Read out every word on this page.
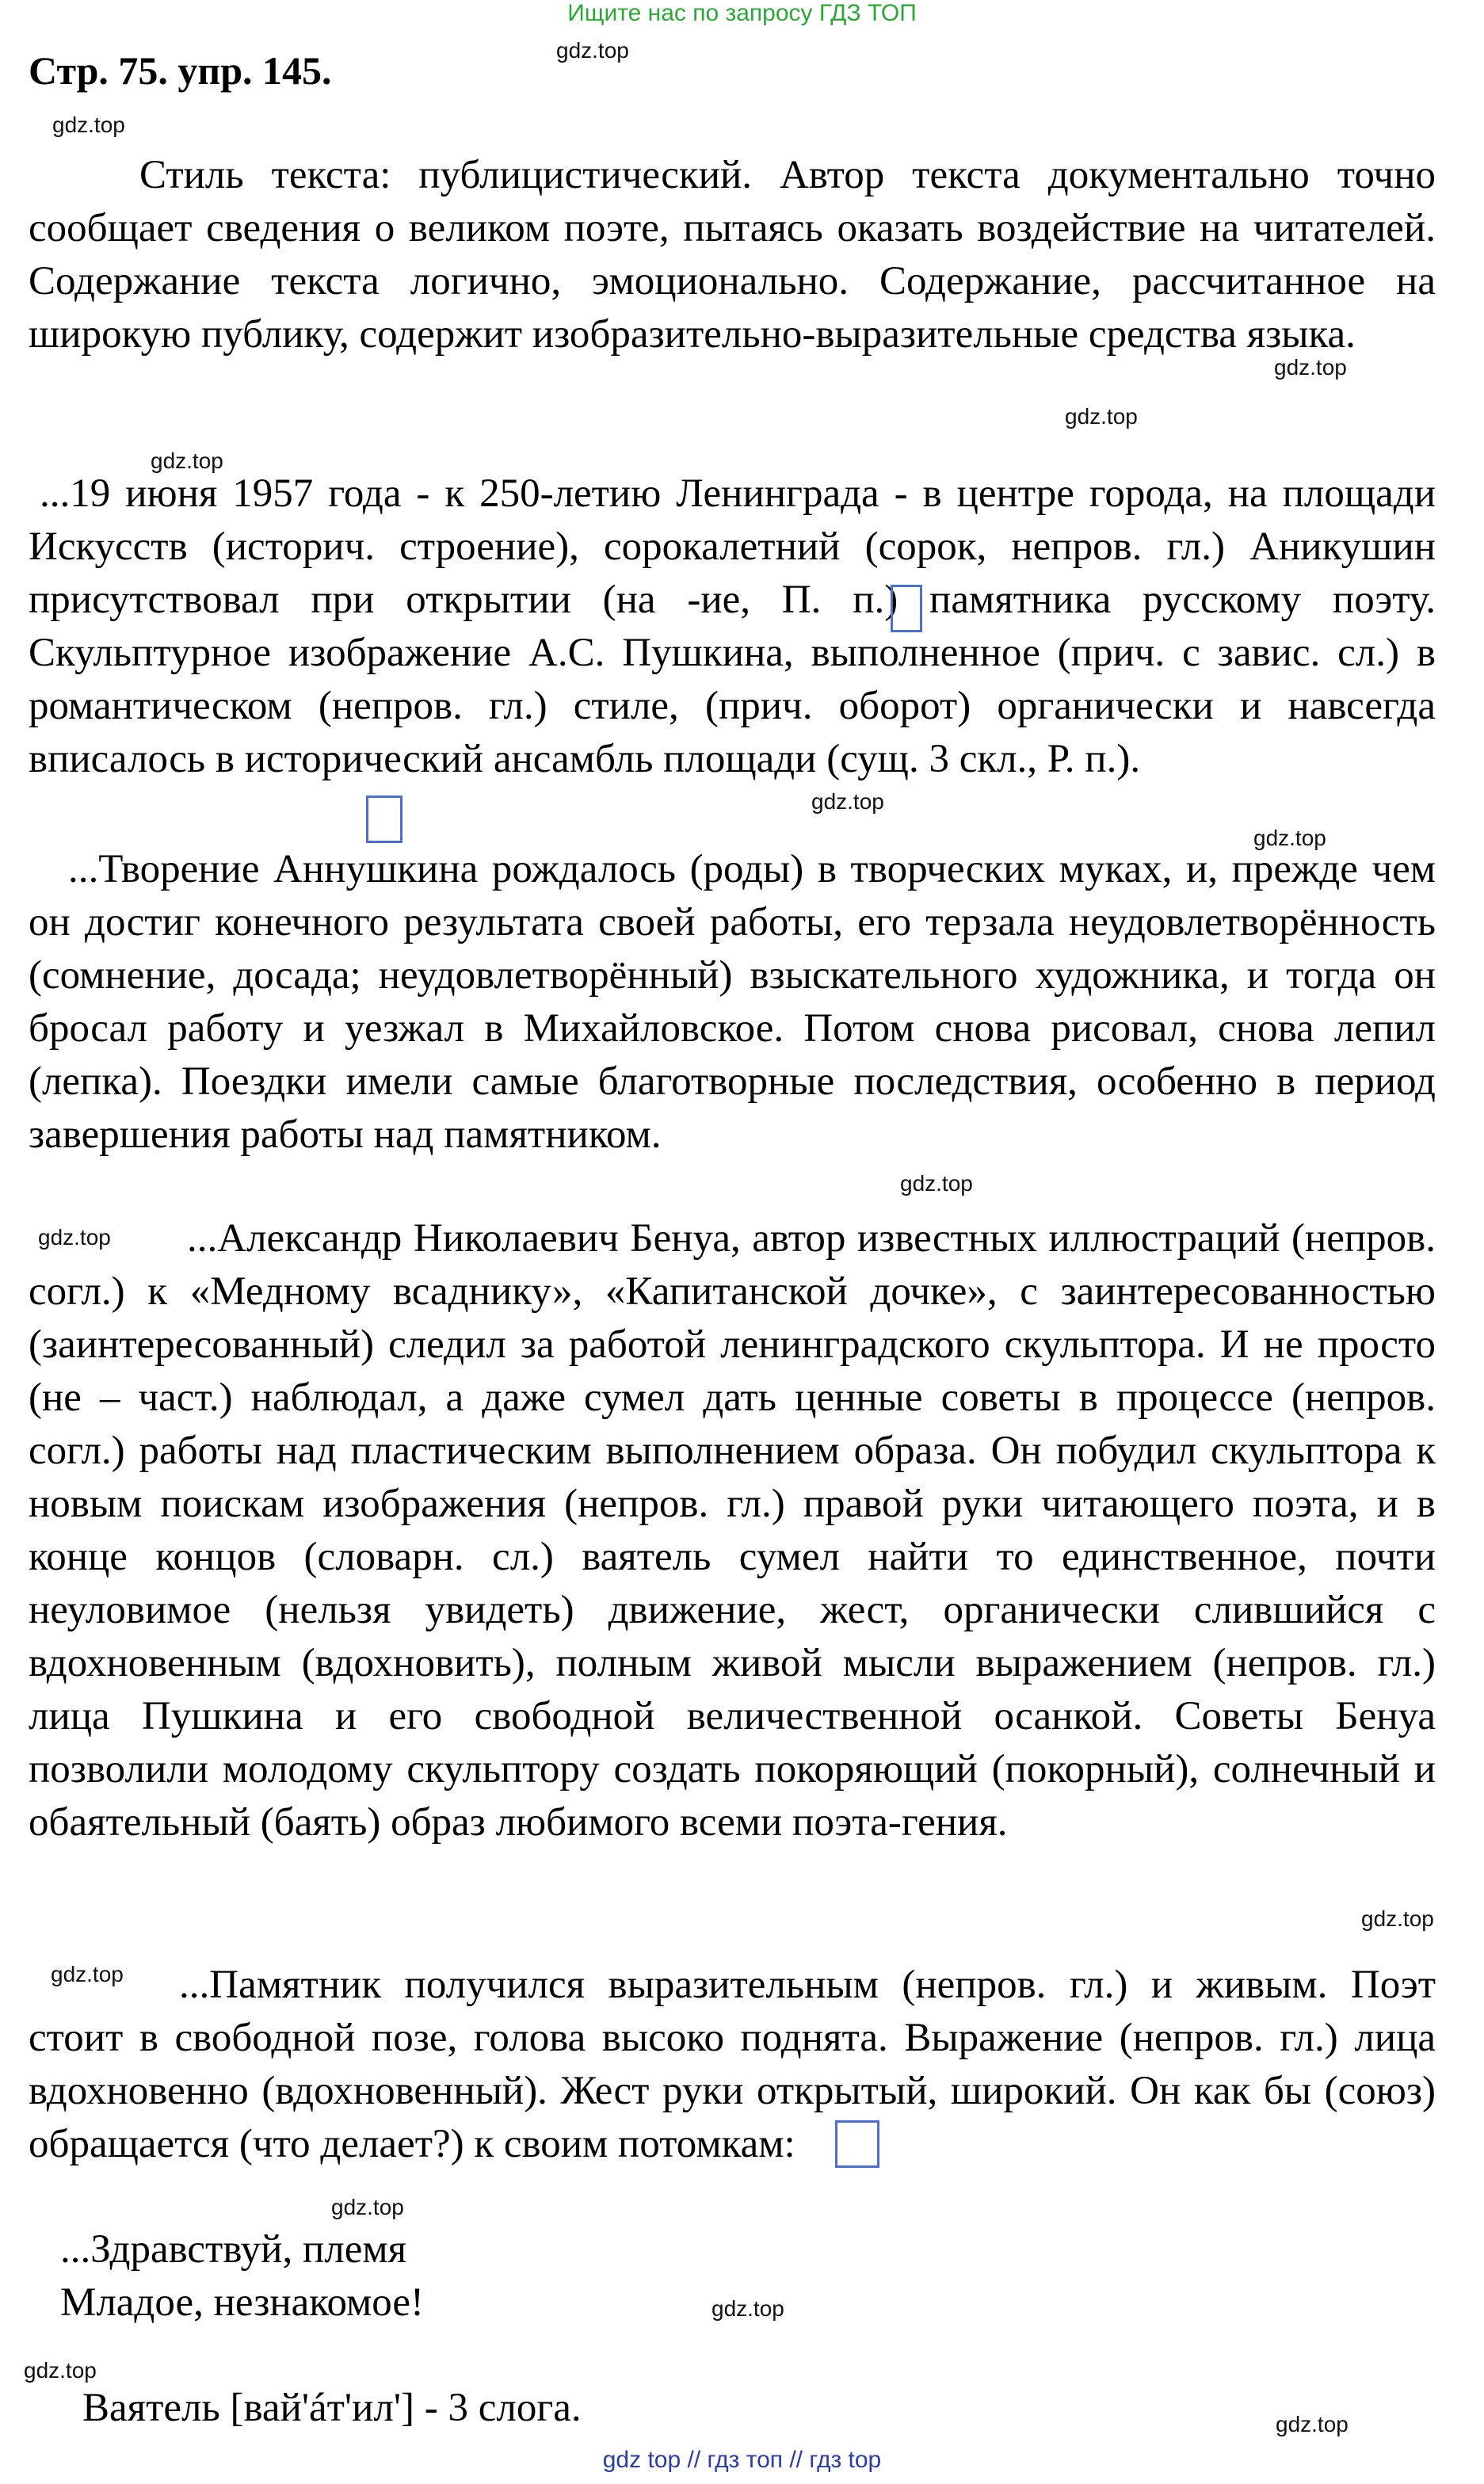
Ищите нас по запросу ГДЗ ТОП
Стр. 75. упр. 145.	gdz.top
gdz.top
gdz.top
gdz.top
gdz.top
gdz.top
gdz.top
gdz.top
gdz.top
gdz.top
gdz.top
gdz.top
gdz.top
gdz.top
gdz.top
Стиль текста: публицистический. Автор текста документально точно сообщает сведения о великом поэте, пытаясь оказать воздействие на читателей. Содержание текста логично, эмоционально. Содержание, рассчитанное на широкую публику, содержит изобразительно-выразительные средства языка.
...19 июня 1957 года - к 250-летию Ленинграда - в центре города, на площади Искусств (историч. строение), сорокалетний (сорок, непров. гл.) Аникушин присутствовал при открытии (на -ие, П. п.) памятника русскому поэту. Скульптурное изображение А.С. Пушкина, выполненное (прич. с завис. сл.) в романтическом (непров. гл.) стиле, (прич. оборот) органически и навсегда вписалось в исторический ансамбль площади (сущ. 3 скл., Р. п.).
...Творение Аннушкина рождалось (роды) в творческих муках, и, прежде чем он достиг конечного результата своей работы, его терзала неудовлетворённость (сомнение, досада; неудовлетворённый) взыскательного художника, и тогда он бросал работу и уезжал в Михайловское. Потом снова рисовал, снова лепил (лепка). Поездки имели самые благотворные последствия, особенно в период завершения работы над памятником.
...Александр Николаевич Бенуа, автор известных иллюстраций (непров. согл.) к «Медному всаднику», «Капитанской дочке», с заинтересованностью (заинтересованный) следил за работой ленинградского скульптора. И не просто (не – част.) наблюдал, а даже сумел дать ценные советы в процессе (непров. согл.) работы над пластическим выполнением образа. Он побудил скульптора к новым поискам изображения (непров. гл.) правой руки читающего поэта, и в конце концов (словарн. сл.) ваятель сумел найти то единственное, почти неуловимое (нельзя увидеть) движение, жест, органически слившийся с вдохновенным (вдохновить), полным живой мысли выражением (непров. гл.) лица Пушкина и его свободной величественной осанкой. Советы Бенуа позволили молодому скульптору создать покоряющий (покорный), солнечный и обаятельный (баять) образ любимого всеми поэта-гения.
...Памятник получился выразительным (непров. гл.) и живым. Поэт стоит в свободной позе, голова высоко поднята. Выражение (непров. гл.) лица вдохновенно (вдохновенный). Жест руки открытый, широкий. Он как бы (союз) обращается (что делает?) к своим потомкам:
...Здравствуй, племя
Младое, незнакомое!
Ваятель [вай'áт'ил'] - 3 слога.
gdz top // гдз топ // гдз top
